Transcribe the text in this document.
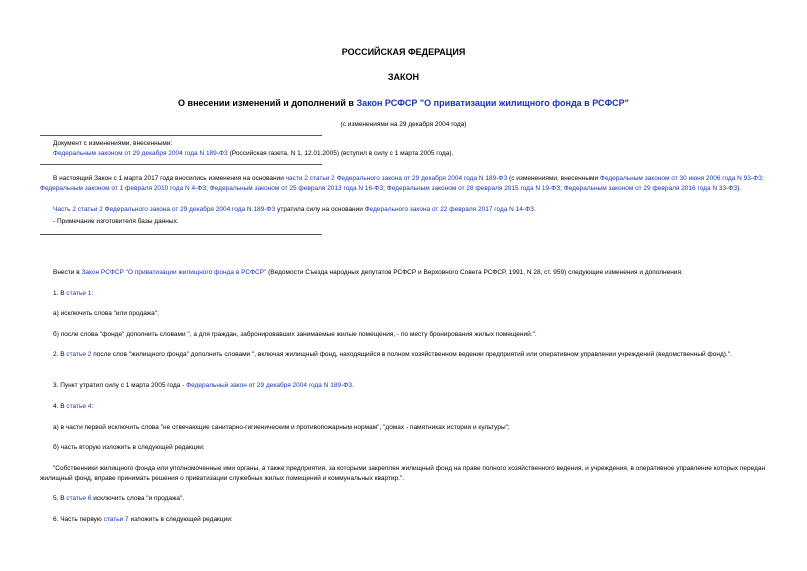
РОССИЙСКАЯ ФЕДЕРАЦИЯ
ЗАКОН
О внесении изменений и дополнений в Закон РСФСР "О приватизации жилищного фонда в РСФСР"
(с изменениями на 29 декабря 2004 года)
Документ с изменениями, внесенными:
Федеральным законом от 29 декабря 2004 года N 189-ФЗ (Российская газета, N 1, 12.01.2005) (вступил в силу с 1 марта 2005 года).
В настоящий Закон с 1 марта 2017 года вносились изменения на основании части 2 статьи 2 Федерального закона от 29 декабря 2004 года N 189-ФЗ (с изменениями, внесенными Федеральным законом от 30 июня 2006 года N 93-ФЗ; Федеральным законом от 1 февраля 2010 года N 4-ФЗ; Федеральным законом от 25 февраля 2013 года N 16-ФЗ; Федеральным законом от 28 февраля 2015 года N 19-ФЗ; Федеральным законом от 29 февраля 2016 года N 33-ФЗ).
Часть 2 статьи 2 Федерального закона от 29 декабря 2004 года N 189-ФЗ утратила силу на основании Федерального закона от 22 февраля 2017 года N 14-ФЗ.
- Примечание изготовителя базы данных.
Внести в Закон РСФСР "О приватизации жилищного фонда в РСФСР" (Ведомости Съезда народных депутатов РСФСР и Верховного Совета РСФСР, 1991, N 28, ст. 959) следующие изменения и дополнения:
1. В статье 1:
а) исключить слова "или продажа";
б) после слова "фонде" дополнить словами ", а для граждан, забронировавших занимаемые жилые помещения, - по месту бронирования жилых помещений.".
2. В статье 2 после слов "жилищного фонда" дополнить словами ", включая жилищный фонд, находящийся в полном хозяйственном ведении предприятий или оперативном управлении учреждений (ведомственный фонд).".
3. Пункт утратил силу с 1 марта 2005 года - Федеральный закон от 29 декабря 2004 года N 189-ФЗ.
4. В статье 4:
а) в части первой исключить слова "не отвечающие санитарно-гигиеническим и противопожарным нормам", "домах - памятниках истории и культуры";
б) часть вторую изложить в следующей редакции:
"Собственники жилищного фонда или уполномоченные ими органы, а также предприятия, за которыми закреплен жилищный фонд на праве полного хозяйственного ведения, и учреждения, в оперативное управление которых передан жилищный фонд, вправе принимать решения о приватизации служебных жилых помещений и коммунальных квартир.".
5. В статье 6 исключить слова "и продажа".
6. Часть первую статьи 7 изложить в следующей редакции:
